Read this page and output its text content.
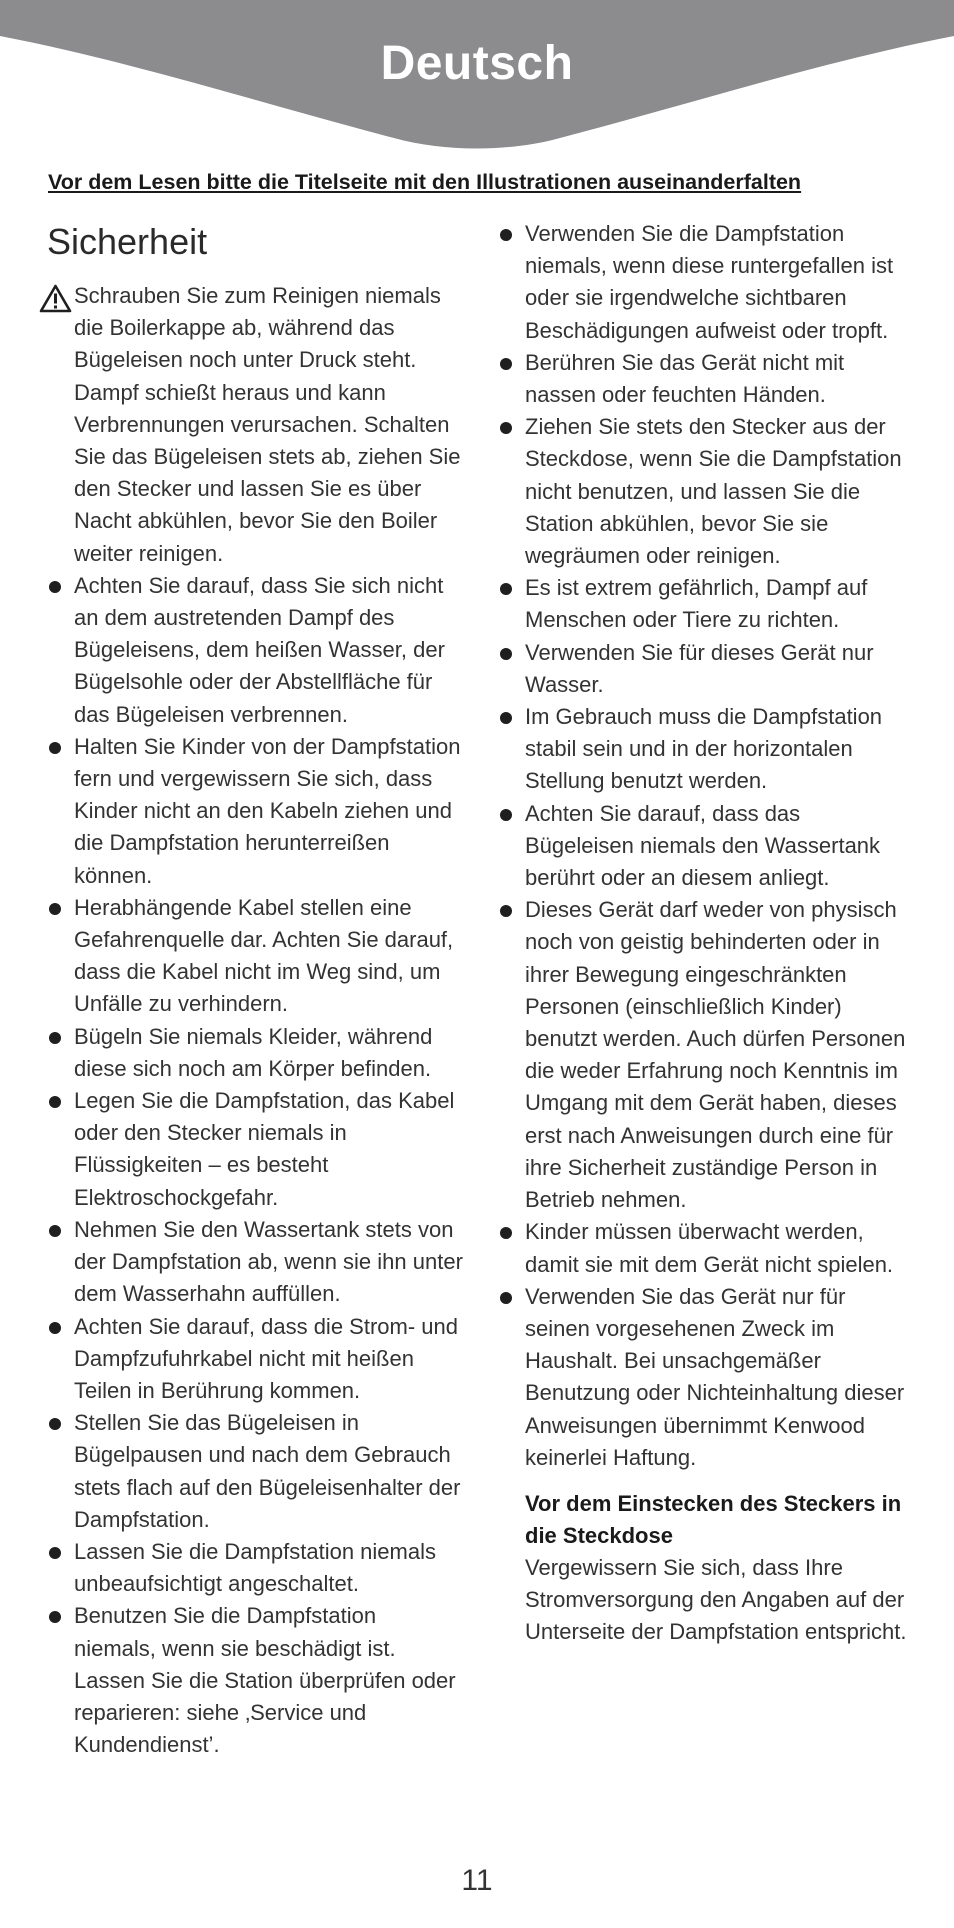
Deutsch
Vor dem Lesen bitte die Titelseite mit den Illustrationen auseinanderfalten
Sicherheit
Schrauben Sie zum Reinigen niemals die Boilerkappe ab, während das Bügeleisen noch unter Druck steht. Dampf schießt heraus und kann Verbrennungen verursachen. Schalten Sie das Bügeleisen stets ab, ziehen Sie den Stecker und lassen Sie es über Nacht abkühlen, bevor Sie den Boiler weiter reinigen.
Achten Sie darauf, dass Sie sich nicht an dem austretenden Dampf des Bügeleisens, dem heißen Wasser, der Bügelsohle oder der Abstellfläche für das Bügeleisen verbrennen.
Halten Sie Kinder von der Dampfstation fern und vergewissern Sie sich, dass Kinder nicht an den Kabeln ziehen und die Dampfstation herunterreißen können.
Herabhängende Kabel stellen eine Gefahrenquelle dar. Achten Sie darauf, dass die Kabel nicht im Weg sind, um Unfälle zu verhindern.
Bügeln Sie niemals Kleider, während diese sich noch am Körper befinden.
Legen Sie die Dampfstation, das Kabel oder den Stecker niemals in Flüssigkeiten – es besteht Elektroschockgefahr.
Nehmen Sie den Wassertank stets von der Dampfstation ab, wenn sie ihn unter dem Wasserhahn auffüllen.
Achten Sie darauf, dass die Strom- und Dampfzufuhrkabel nicht mit heißen Teilen in Berührung kommen.
Stellen Sie das Bügeleisen in Bügelpausen und nach dem Gebrauch stets flach auf den Bügeleisenhalter der Dampfstation.
Lassen Sie die Dampfstation niemals unbeaufsichtigt angeschaltet.
Benutzen Sie die Dampfstation niemals, wenn sie beschädigt ist. Lassen Sie die Station überprüfen oder reparieren: siehe ‚Service und Kundendienst’.
Verwenden Sie die Dampfstation niemals, wenn diese runtergefallen ist oder sie irgendwelche sichtbaren Beschädigungen aufweist oder tropft.
Berühren Sie das Gerät nicht mit nassen oder feuchten Händen.
Ziehen Sie stets den Stecker aus der Steckdose, wenn Sie die Dampfstation nicht benutzen, und lassen Sie die Station abkühlen, bevor Sie sie wegräumen oder reinigen.
Es ist extrem gefährlich, Dampf auf Menschen oder Tiere zu richten.
Verwenden Sie für dieses Gerät nur Wasser.
Im Gebrauch muss die Dampfstation stabil sein und in der horizontalen Stellung benutzt werden.
Achten Sie darauf, dass das Bügeleisen niemals den Wassertank berührt oder an diesem anliegt.
Dieses Gerät darf weder von physisch noch von geistig behinderten oder in ihrer Bewegung eingeschränkten Personen (einschließlich Kinder) benutzt werden. Auch dürfen Personen die weder Erfahrung noch Kenntnis im Umgang mit dem Gerät haben, dieses erst nach Anweisungen durch eine für ihre Sicherheit zuständige Person in Betrieb nehmen.
Kinder müssen überwacht werden, damit sie mit dem Gerät nicht spielen.
Verwenden Sie das Gerät nur für seinen vorgesehenen Zweck im Haushalt. Bei unsachgemäßer Benutzung oder Nichteinhaltung dieser Anweisungen übernimmt Kenwood keinerlei Haftung.
Vor dem Einstecken des Steckers in die Steckdose
Vergewissern Sie sich, dass Ihre Stromversorgung den Angaben auf der Unterseite der Dampfstation entspricht.
11
